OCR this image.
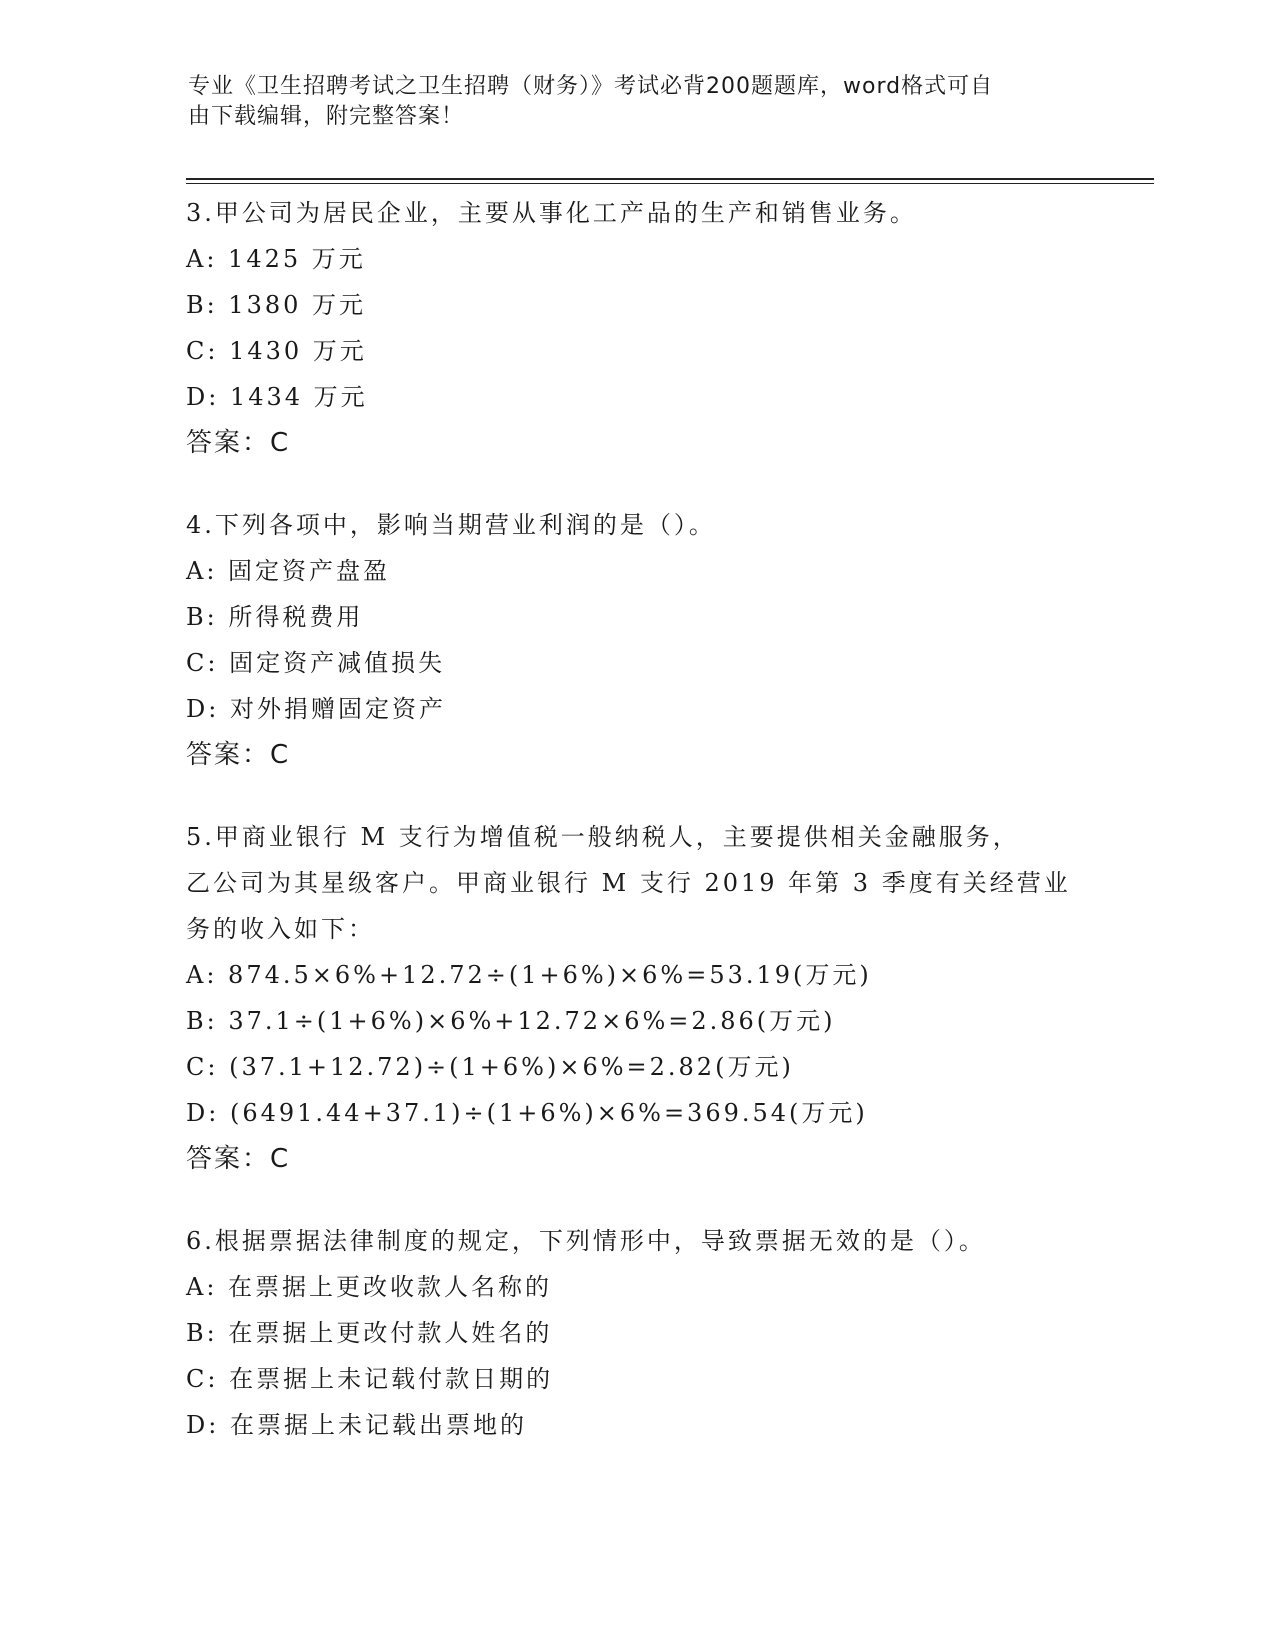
专业《卫生招聘考试之卫生招聘（财务）》考试必背200题题库，word格式可自
由下载编辑，附完整答案！

3.甲公司为居民企业，主要从事化工产品的生产和销售业务。

A: 1425 万元

B: 1380 万元

C: 1430 万元

D: 1434 万元

答案：C

4.下列各项中，影响当期营业利润的是（）。

A: 固定资产盘盈

B: 所得税费用

C: 固定资产减值损失

D: 对外捐赠固定资产

答案：C

5.甲商业银行 M 支行为增值税一般纳税人，主要提供相关金融服务，

乙公司为其星级客户。甲商业银行 M 支行 2019 年第 3 季度有关经营业

务的收入如下：

A: 874.5×6%+12.72÷(1+6%)×6%=53.19(万元)

B: 37.1÷(1+6%)×6%+12.72×6%=2.86(万元)

C: (37.1+12.72)÷(1+6%)×6%=2.82(万元)

D: (6491.44+37.1)÷(1+6%)×6%=369.54(万元)

答案：C

6.根据票据法律制度的规定，下列情形中，导致票据无效的是（）。

A: 在票据上更改收款人名称的

B: 在票据上更改付款人姓名的

C: 在票据上未记载付款日期的

D: 在票据上未记载出票地的
